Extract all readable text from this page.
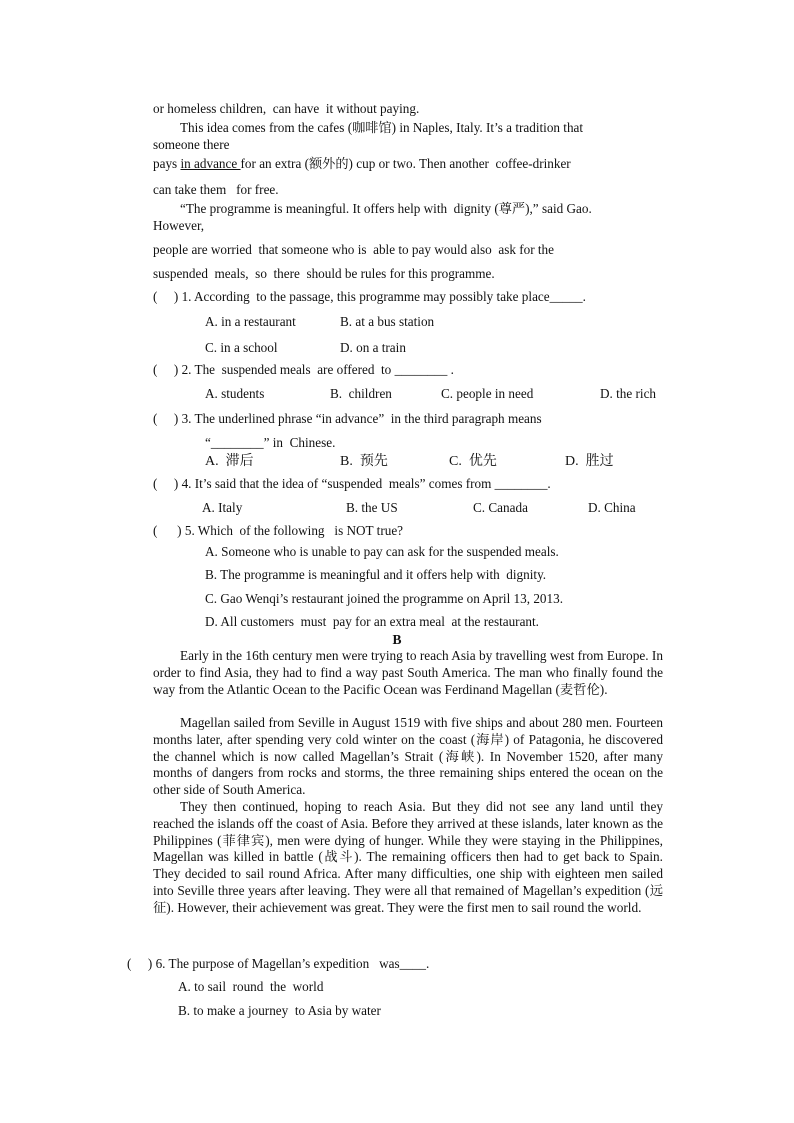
or homeless children,  can have  it without paying.
This idea comes from the cafes (咖啡馆) in Naples, Italy. It’s a tradition that
someone there
pays in advance for an extra (额外的) cup or two. Then another  coffee-drinker
can take them   for free.
“The programme is meaningful. It offers help with  dignity (尊严),” said Gao.
However,
people are worried  that someone who is  able to pay would also  ask for the
suspended  meals,  so  there  should be rules for this programme.
(     ) 1. According  to the passage, this programme may possibly take place_____.
A. in a restaurant	B. at a bus station
C. in a school	D. on a train
(     ) 2. The  suspended meals  are offered  to ________ .
A. students	B.  children	C. people in need	D. the rich
(     ) 3. The underlined phrase “in advance”  in the third paragraph means
“________” in  Chinese.
A.  滞后	B.  预先	C.  优先	D.  胜过
(     ) 4. It’s said that the idea of “suspended  meals” comes from ________.
A. Italy	B. the US	C. Canada	D. China
(      ) 5. Which  of the following   is NOT true?
A. Someone who is unable to pay can ask for the suspended meals.
B. The programme is meaningful and it offers help with  dignity.
C. Gao Wenqi’s restaurant joined the programme on April 13, 2013.
D. All customers  must  pay for an extra meal  at the restaurant.
B

Early in the 16th century men were trying to reach Asia by travelling west from Europe. In order to find Asia, they had to find a way past South America. The man who finally found the way from the Atlantic Ocean to the Pacific Ocean was Ferdinand Magellan (麦哲伦).

Magellan sailed from Seville in August 1519 with five ships and about 280 men. Fourteen months later, after spending very cold winter on the coast (海岸) of Patagonia, he discovered the channel which is now called Magellan’s Strait (海峡). In November 1520, after many months of dangers from rocks and storms, the three remaining ships entered the ocean on the other side of South America.

They then continued, hoping to reach Asia. But they did not see any land until they reached the islands off the coast of Asia. Before they arrived at these islands, later known as the Philippines (菲律宾), men were dying of hunger. While they were staying in the Philippines, Magellan was killed in battle (战斗). The remaining officers then had to get back to Spain. They decided to sail round Africa. After many difficulties, one ship with eighteen men sailed into Seville three years after leaving. They were all that remained of Magellan’s expedition (远征). However, their achievement was great. They were the first men to sail round the world.

(     ) 6. The purpose of Magellan’s expedition   was____.
A. to sail  round  the  world
B. to make a journey  to Asia by water
